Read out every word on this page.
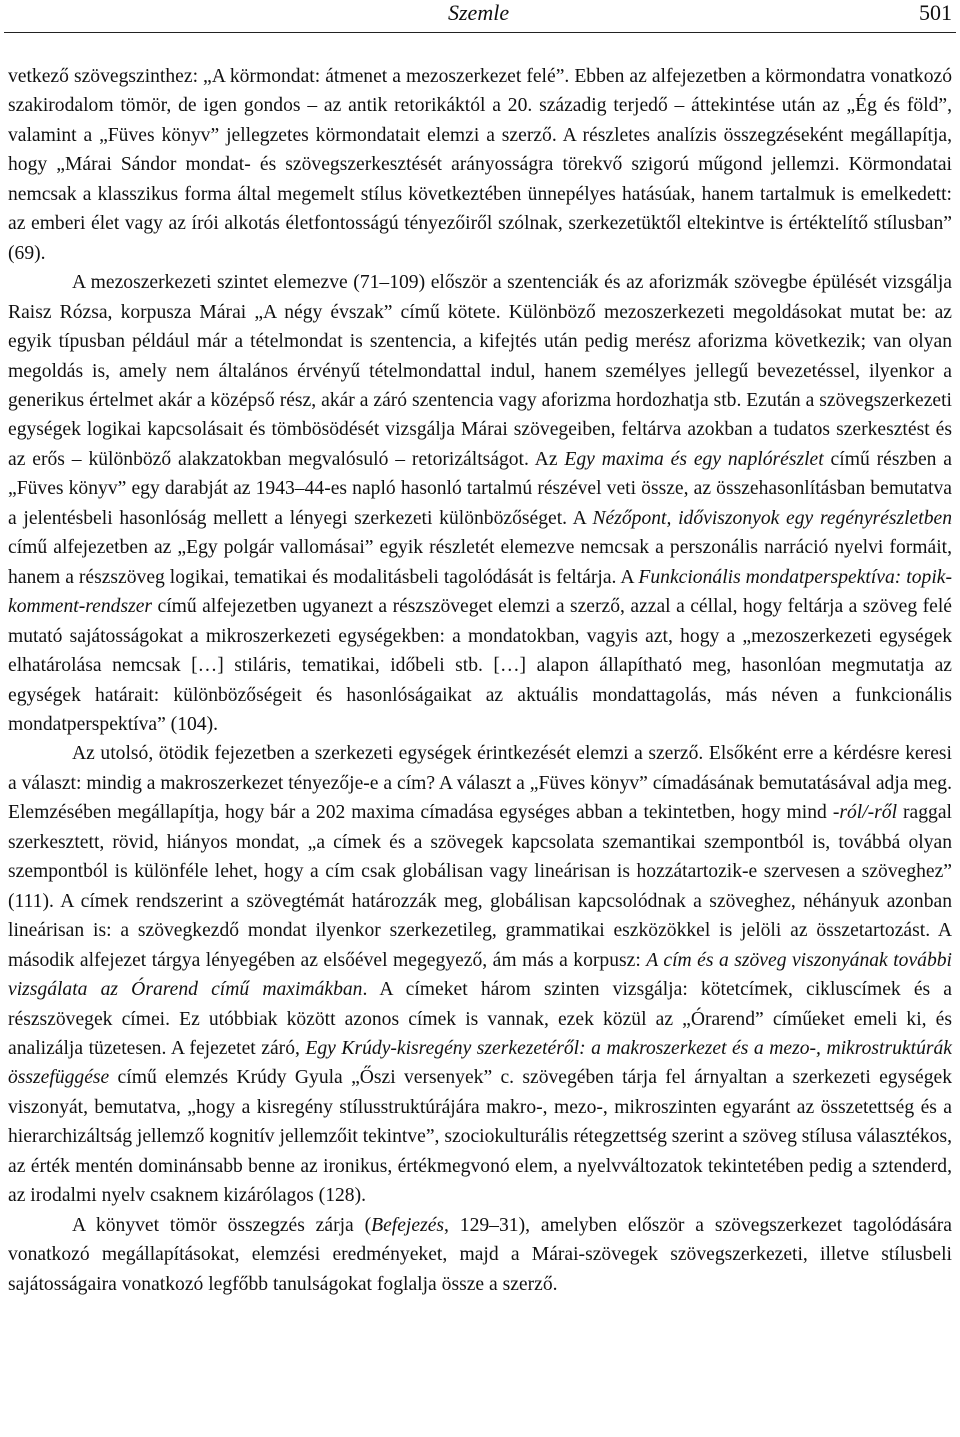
Szemle	501

vetkező szövegszinthez: „A körmondat: átmenet a mezoszerkezet felé”. Ebben az alfejezetben a körmondatra vonatkozó szakirodalom tömör, de igen gondos – az antik retorikáktól a 20. századig terjedő – áttekintése után az „Ég és föld”, valamint a „Füves könyv” jellegzetes körmondatait elemzi a szerző. A részletes analízis összegzéseként megállapítja, hogy „Márai Sándor mondat- és szövegszerkesztését arányosságra törekvő szigorú műgond jellemzi. Körmondatai nemcsak a klasszikus forma által megemelt stílus következtében ünnepélyes hatásúak, hanem tartalmuk is emelkedett: az emberi élet vagy az írói alkotás életfontosságú tényezőiről szólnak, szerkezetüktől eltekintve is értéktelítő stílusban” (69).

A mezoszerkezeti szintet elemezve (71–109) először a szentenciák és az aforizmák szövegbe épülését vizsgálja Raisz Rózsa, korpusza Márai „A négy évszak” című kötete. Különböző mezoszerkezeti megoldásokat mutat be: az egyik típusban például már a tételmondat is szentencia, a kifejtés után pedig merész aforizma következik; van olyan megoldás is, amely nem általános érvényű tételmondattal indul, hanem személyes jellegű bevezetéssel, ilyenkor a generikus értelmet akár a középső rész, akár a záró szentencia vagy aforizma hordozhatja stb. Ezután a szövegszerkezeti egységek logikai kapcsolásait és tömbösödését vizsgálja Márai szövegeiben, feltárva azokban a tudatos szerkesztést és az erős – különböző alakzatokban megvalósuló – retorizáltságot. Az Egy maxima és egy naplórészlet című részben a „Füves könyv” egy darabját az 1943–44-es napló hasonló tartalmú részével veti össze, az összehasonlításban bemutatva a jelentésbeli hasonlóság mellett a lényegi szerkezeti különbözőséget. A Nézőpont, időviszonyok egy regényrészletben című alfejezetben az „Egy polgár vallomásai” egyik részletét elemezve nemcsak a perszonális narráció nyelvi formáit, hanem a részszöveg logikai, tematikai és modalitásbeli tagolódását is feltárja. A Funkcionális mondatperspektíva: topik-komment-rendszer című alfejezetben ugyanezt a részszöveget elemzi a szerző, azzal a céllal, hogy feltárja a szöveg felé mutató sajátosságokat a mikroszerkezeti egységekben: a mondatokban, vagyis azt, hogy a „mezoszerkezeti egységek elhatárolása nemcsak […] stiláris, tematikai, időbeli stb. […] alapon állapítható meg, hasonlóan megmutatja az egységek határait: különbözőségeit és hasonlóságaikat az aktuális mondattagolás, más néven a funkcionális mondatperspektíva” (104).

Az utolsó, ötödik fejezetben a szerkezeti egységek érintkezését elemzi a szerző. Elsőként erre a kérdésre keresi a választ: mindig a makroszerkezet tényezője-e a cím? A választ a „Füves könyv” címadásának bemutatásával adja meg. Elemzésében megállapítja, hogy bár a 202 maxima címadása egységes abban a tekintetben, hogy mind -ról/-ről raggal szerkesztett, rövid, hiányos mondat, „a címek és a szövegek kapcsolata szemantikai szempontból is, továbbá olyan szempontból is különféle lehet, hogy a cím csak globálisan vagy lineárisan is hozzátartozik-e szervesen a szöveghez” (111). A címek rendszerint a szövegtémát határozzák meg, globálisan kapcsolódnak a szöveghez, néhányuk azonban lineárisan is: a szövegkezdő mondat ilyenkor szerkezetileg, grammatikai eszközökkel is jelöli az összetartozást. A második alfejezet tárgya lényegében az elsőével megegyező, ám más a korpusz: A cím és a szöveg viszonyának további vizsgálata az Órarend című maximákban. A címeket három szinten vizsgálja: kötetcímek, cikluscímek és a részszövegek címei. Ez utóbbiak között azonos címek is vannak, ezek közül az „Órarend” címűeket emeli ki, és analizálja tüzetesen. A fejezetet záró, Egy Krúdy-kisregény szerkezetéről: a makroszerkezet és a mezo-, mikrostruktúrák összefüggése című elemzés Krúdy Gyula „Őszi versenyek” c. szövegében tárja fel árnyaltan a szerkezeti egységek viszonyát, bemutatva, „hogy a kisregény stílusstruktúrájára makro-, mezo-, mikroszinten egyaránt az összetettség és a hierarchizáltság jellemző kognitív jellemzőit tekintve”, szociokulturális rétegzettség szerint a szöveg stílusa választékos, az érték mentén dominánsabb benne az ironikus, értékmegvonó elem, a nyelvváltozatok tekintetében pedig a sztenderd, az irodalmi nyelv csaknem kizárólagos (128).

A könyvet tömör összegzés zárja (Befejezés, 129–31), amelyben először a szövegszerkezet tagolódására vonatkozó megállapításokat, elemzési eredményeket, majd a Márai-szövegek szövegszerkezeti, illetve stílusbeli sajátosságaira vonatkozó legfőbb tanulságokat foglalja össze a szerző.
